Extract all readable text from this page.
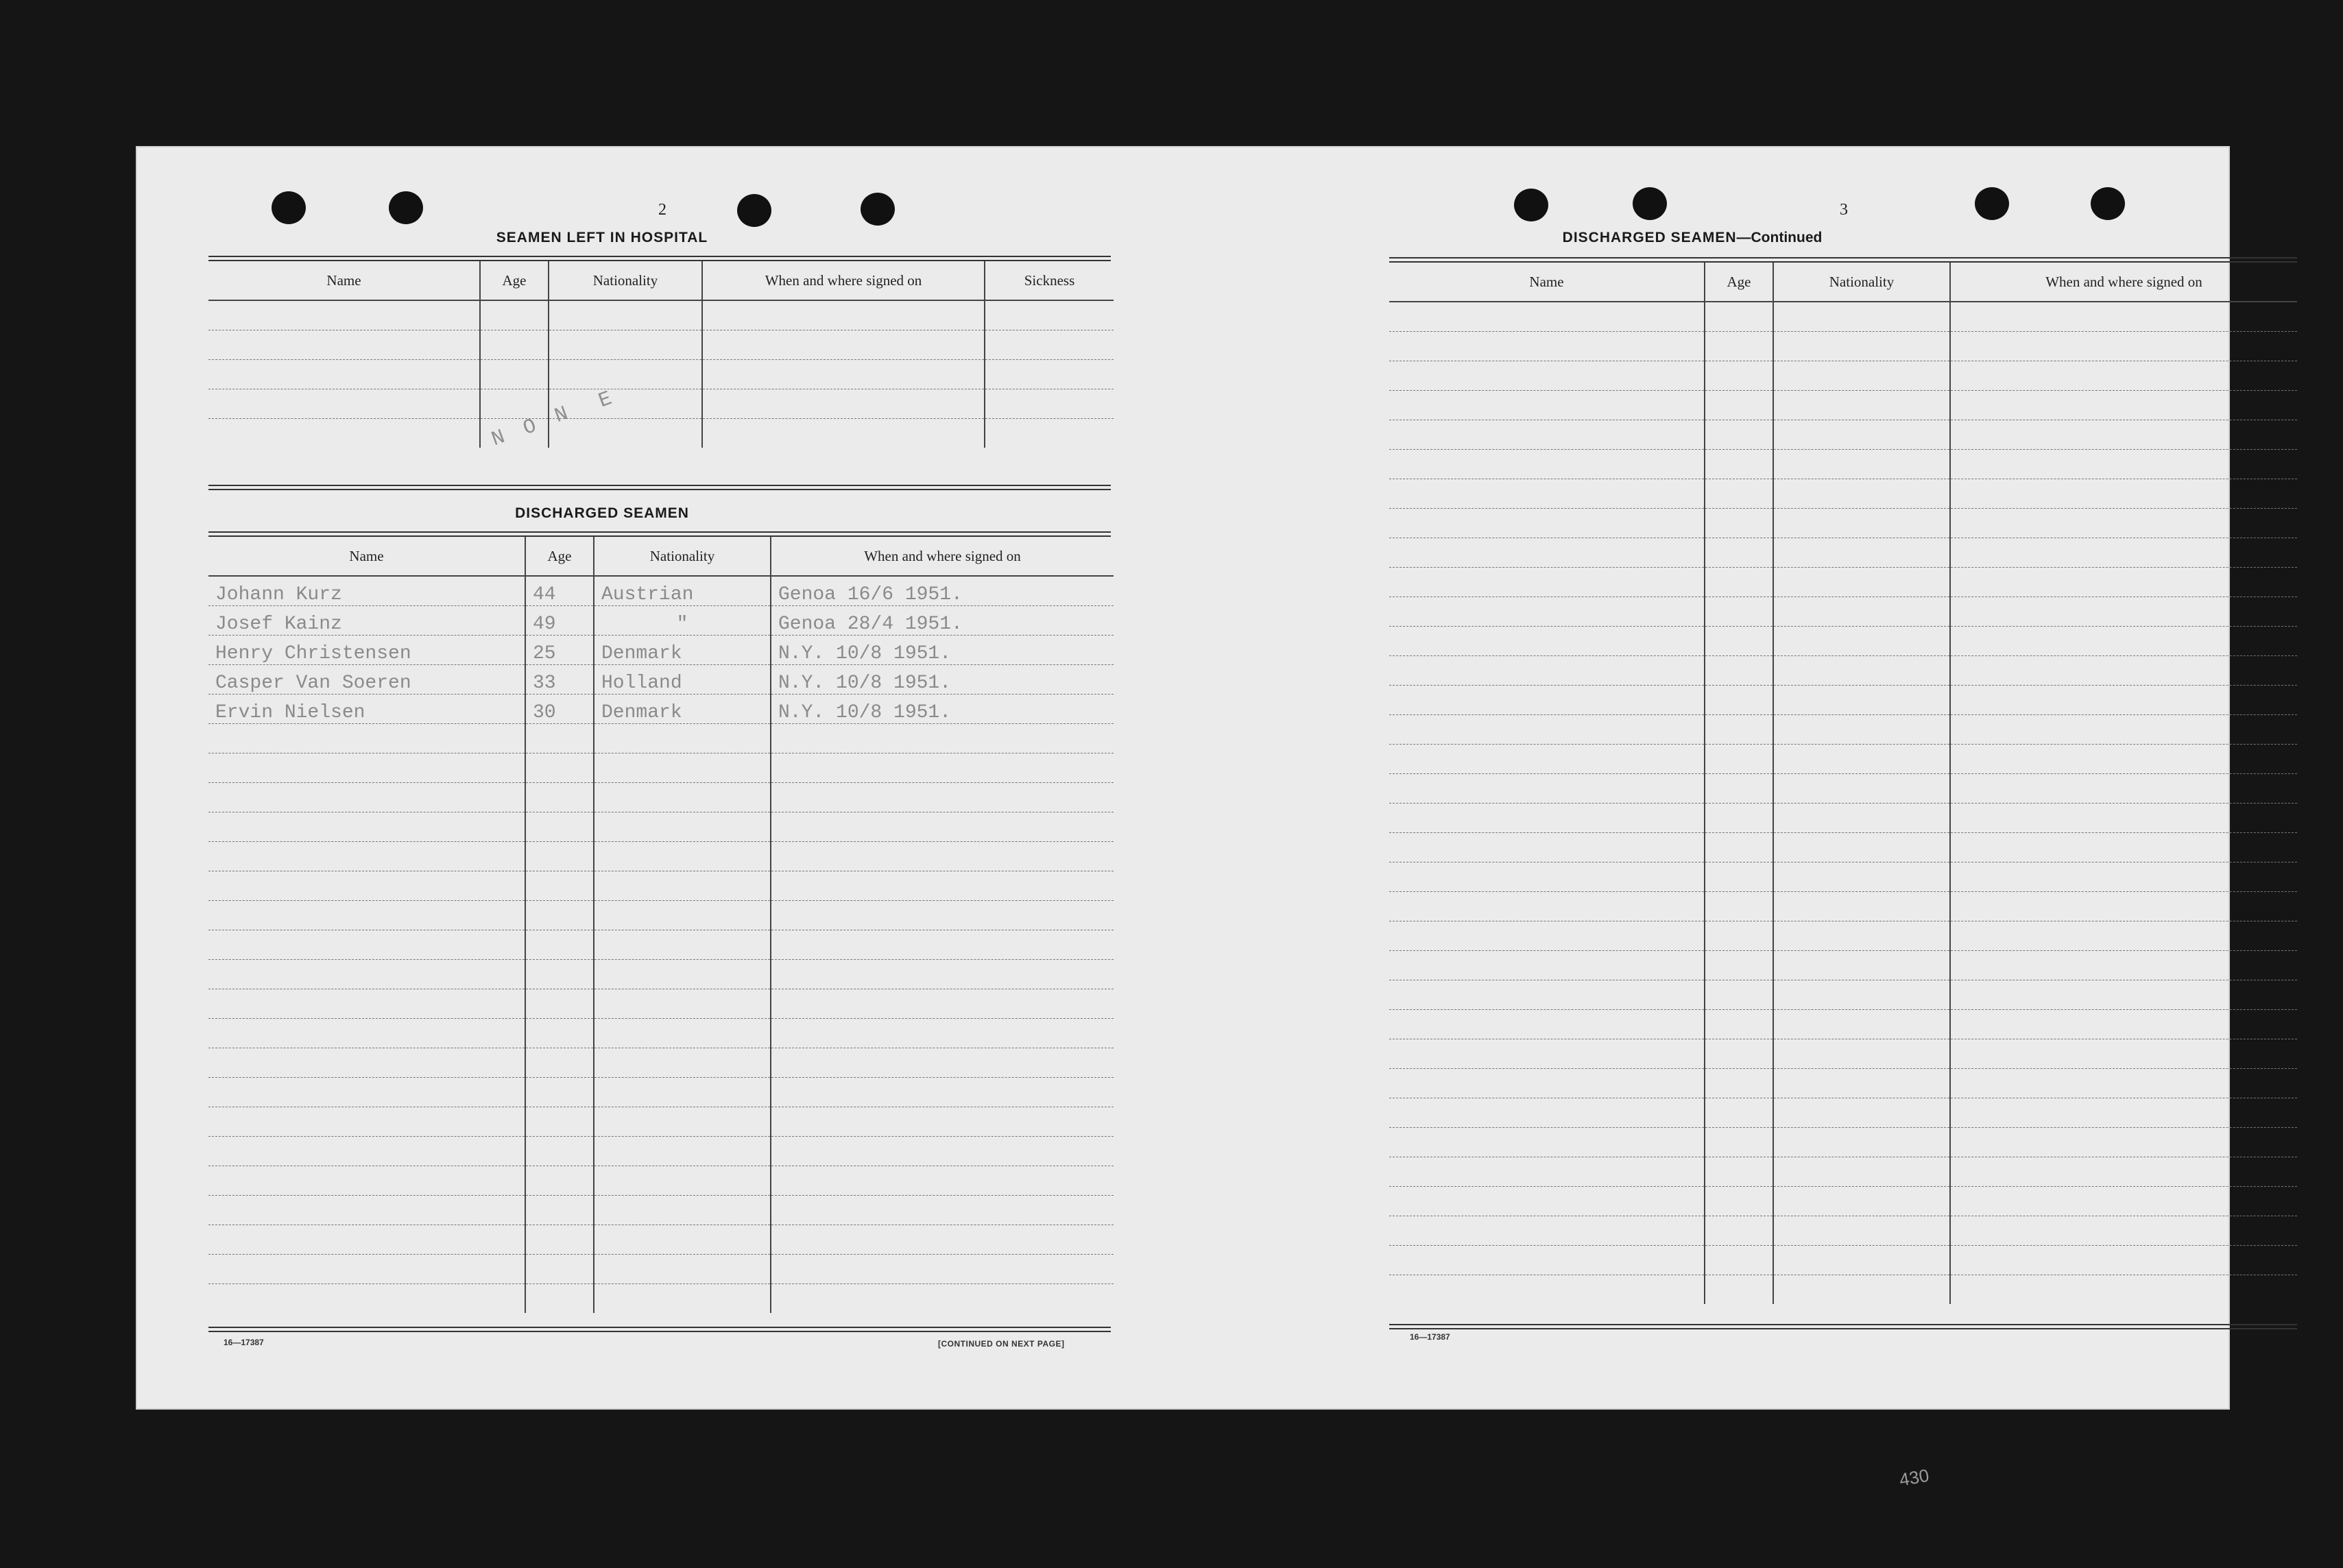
2
SEAMEN LEFT IN HOSPITAL
Name	Age	Nationality	When and where signed on	Sickness

N O N
E
DISCHARGED SEAMEN
Name	Age	Nationality	When and where signed on
Johann Kurz	44	Austrian	Genoa 16/6 1951.
Josef Kainz	49	"	Genoa 28/4 1951.
Henry Christensen	25	Denmark	N.Y. 10/8 1951.
Casper Van Soeren	33	Holland	N.Y. 10/8 1951.
Ervin Nielsen	30	Denmark	N.Y. 10/8 1951.

16—17387	[CONTINUED ON NEXT PAGE]
3
DISCHARGED SEAMEN—Continued
Name	Age	Nationality	When and where signed on

16—17387
430
